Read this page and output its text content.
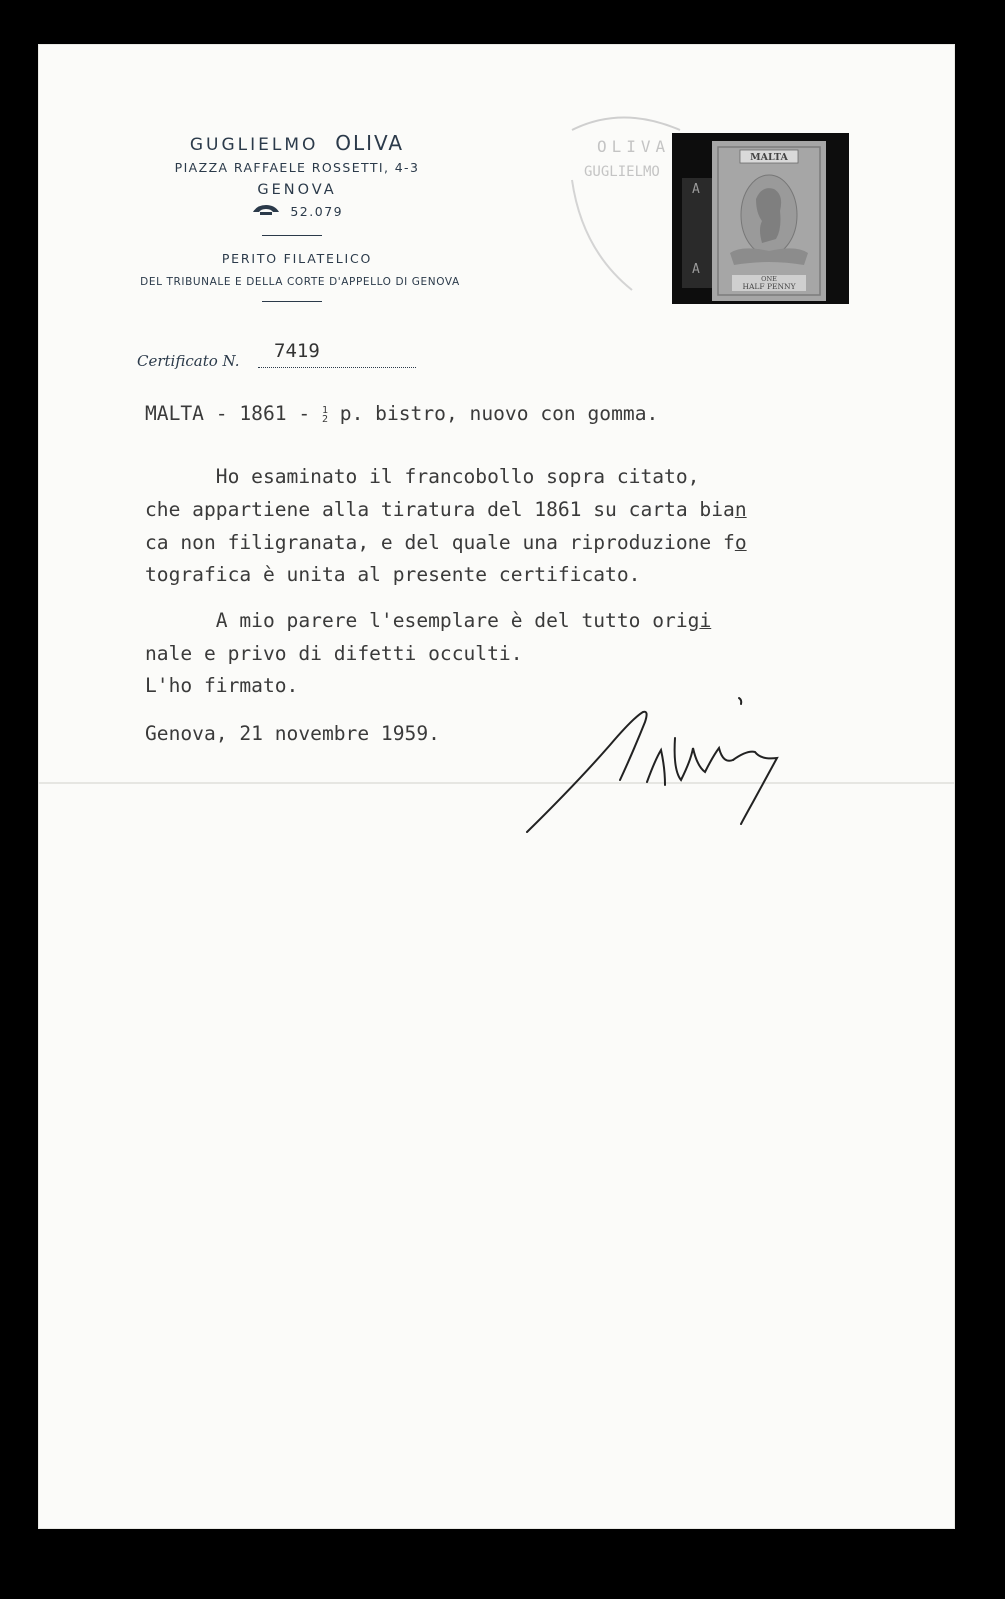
GUGLIELMO OLIVA
PIAZZA RAFFAELE ROSSETTI, 4-3
GENOVA
52.079
PERITO FILATELICO
DEL TRIBUNALE E DELLA CORTE D'APPELLO DI GENOVA
OLIVA
GUGLIELMO
A
A
MALTA
ONE
HALF PENNY
Certificato N. 7419
MALTA - 1861 - 1
2 p. bistro, nuovo con gomma.
Ho esaminato il francobollo sopra citato,
che appartiene alla tiratura del 1861 su carta bian
ca non filigranata, e del quale una riproduzione fo
tografica è unita al presente certificato.
A mio parere l'esemplare è del tutto origi
nale e privo di difetti occulti.
L'ho firmato.
Genova, 21 novembre 1959.
